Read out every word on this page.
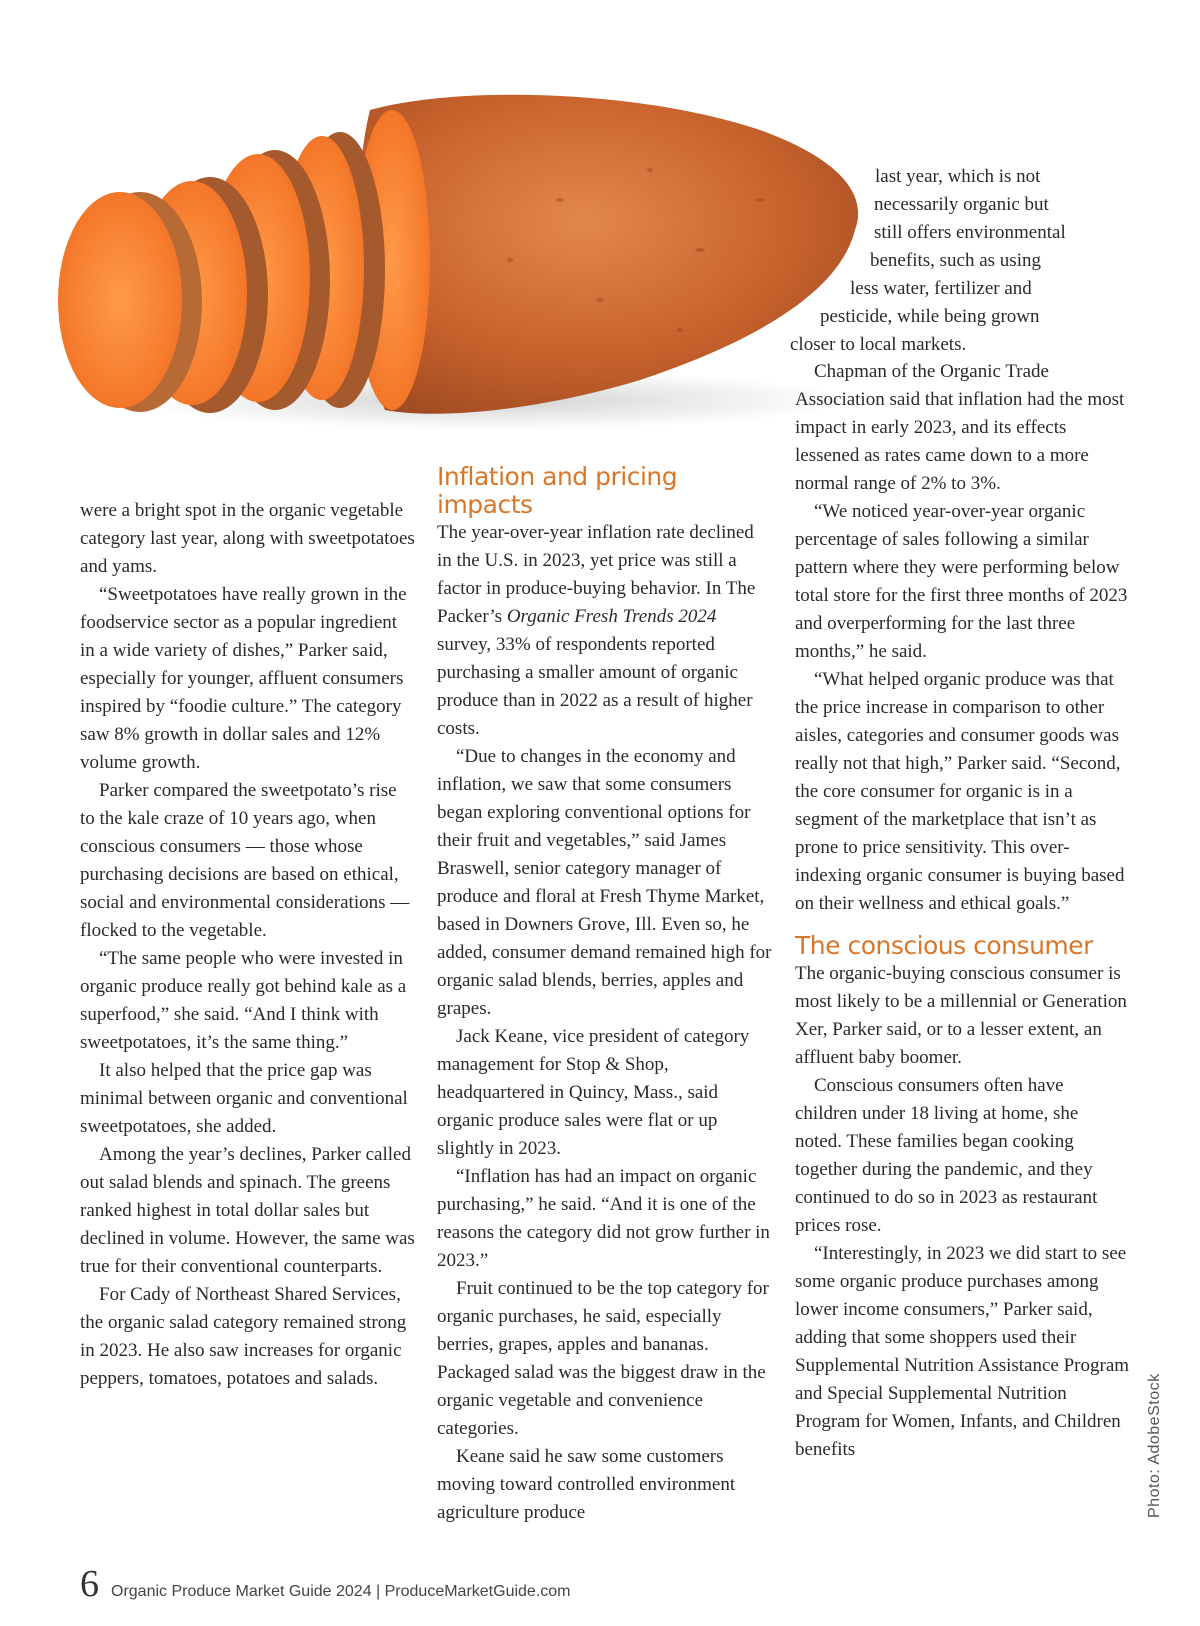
last year, which is not
necessarily organic but
still offers environmental
benefits, such as using
less water, fertilizer and
pesticide, while being grown
closer to local markets.

were a bright spot in the organic vegetable category last year, along with sweetpotatoes and yams.

“Sweetpotatoes have really grown in the foodservice sector as a popular ingredient in a wide variety of dishes,” Parker said, especially for younger, affluent consumers inspired by “foodie culture.” The category saw 8% growth in dollar sales and 12% volume growth.

Parker compared the sweetpotato’s rise to the kale craze of 10 years ago, when conscious consumers — those whose purchasing decisions are based on ethical, social and environmental considerations — flocked to the vegetable.

“The same people who were invested in organic produce really got behind kale as a superfood,” she said. “And I think with sweetpotatoes, it’s the same thing.”

It also helped that the price gap was minimal between organic and conventional sweetpotatoes, she added.

Among the year’s declines, Parker called out salad blends and spinach. The greens ranked highest in total dollar sales but declined in volume. However, the same was true for their conventional counterparts.

For Cady of Northeast Shared Services, the organic salad category remained strong in 2023. He also saw increases for organic peppers, tomatoes, potatoes and salads.

Inflation and pricing impacts

The year-over-year inflation rate declined in the U.S. in 2023, yet price was still a factor in produce-buying behavior. In The Packer’s Organic Fresh Trends 2024 survey, 33% of respondents reported purchasing a smaller amount of organic produce than in 2022 as a result of higher costs.

“Due to changes in the economy and inflation, we saw that some consumers began exploring conventional options for their fruit and vegetables,” said James Braswell, senior category manager of produce and floral at Fresh Thyme Market, based in Downers Grove, Ill. Even so, he added, consumer demand remained high for organic salad blends, berries, apples and grapes.

Jack Keane, vice president of category management for Stop & Shop, headquartered in Quincy, Mass., said organic produce sales were flat or up slightly in 2023.

“Inflation has had an impact on organic purchasing,” he said. “And it is one of the reasons the category did not grow further in 2023.”

Fruit continued to be the top category for organic purchases, he said, especially berries, grapes, apples and bananas. Packaged salad was the biggest draw in the organic vegetable and convenience categories.

Keane said he saw some customers moving toward controlled environment agriculture produce

Chapman of the Organic Trade Association said that inflation had the most impact in early 2023, and its effects lessened as rates came down to a more normal range of 2% to 3%.

“We noticed year-over-year organic percentage of sales following a similar pattern where they were performing below total store for the first three months of 2023 and overperforming for the last three months,” he said.

“What helped organic produce was that the price increase in comparison to other aisles, categories and consumer goods was really not that high,” Parker said. “Second, the core consumer for organic is in a segment of the marketplace that isn’t as prone to price sensitivity. This over-indexing organic consumer is buying based on their wellness and ethical goals.”

The conscious consumer

The organic-buying conscious consumer is most likely to be a millennial or Generation Xer, Parker said, or to a lesser extent, an affluent baby boomer.

Conscious consumers often have children under 18 living at home, she noted. These families began cooking together during the pandemic, and they continued to do so in 2023 as restaurant prices rose.

“Interestingly, in 2023 we did start to see some organic produce purchases among lower income consumers,” Parker said, adding that some shoppers used their Supplemental Nutrition Assistance Program and Special Supplemental Nutrition Program for Women, Infants, and Children benefits	Photo: AdobeStock
6 Organic Produce Market Guide 2024 | ProduceMarketGuide.com
